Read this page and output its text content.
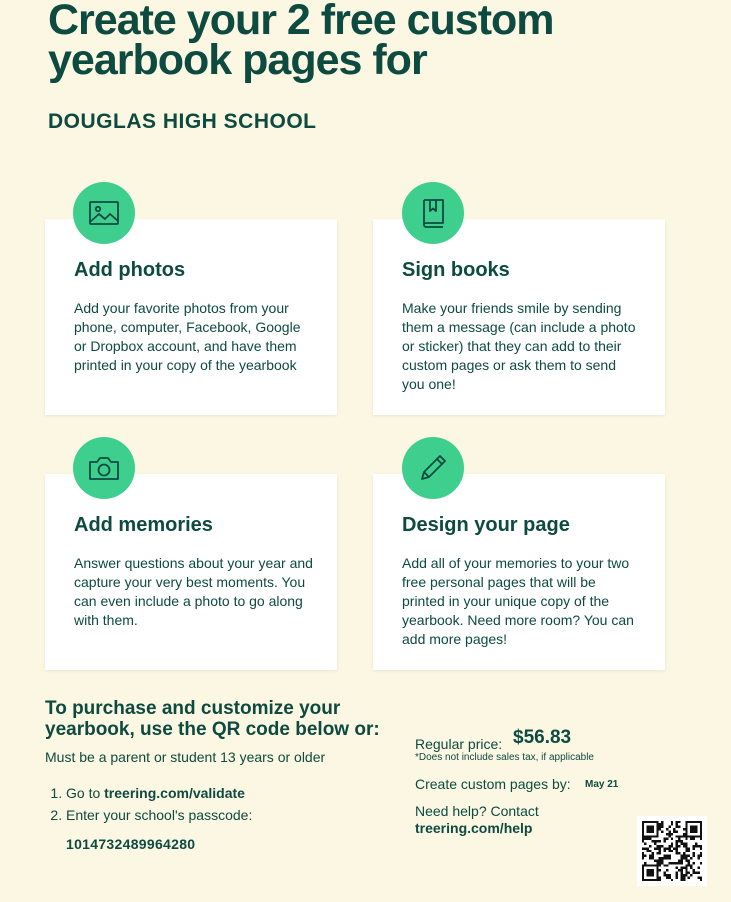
Create your 2 free custom
yearbook pages for
DOUGLAS HIGH SCHOOL
Add photos
Add your favorite photos from your phone, computer, Facebook, Google or Dropbox account, and have them printed in your copy of the yearbook
Sign books
Make your friends smile by sending them a message (can include a photo or sticker) that they can add to their custom pages or ask them to send you one!
Add memories
Answer questions about your year and capture your very best moments. You can even include a photo to go along with them.
Design your page
Add all of your memories to your two free personal pages that will be printed in your unique copy of the yearbook. Need more room? You can add more pages!
To purchase and customize your yearbook, use the QR code below or:
Must be a parent or student 13 years or older
1. Go to treering.com/validate
2. Enter your school's passcode:
1014732489964280
Regular price: $56.83
*Does not include sales tax, if applicable
Create custom pages by: May 21
Need help? Contact
treering.com/help
